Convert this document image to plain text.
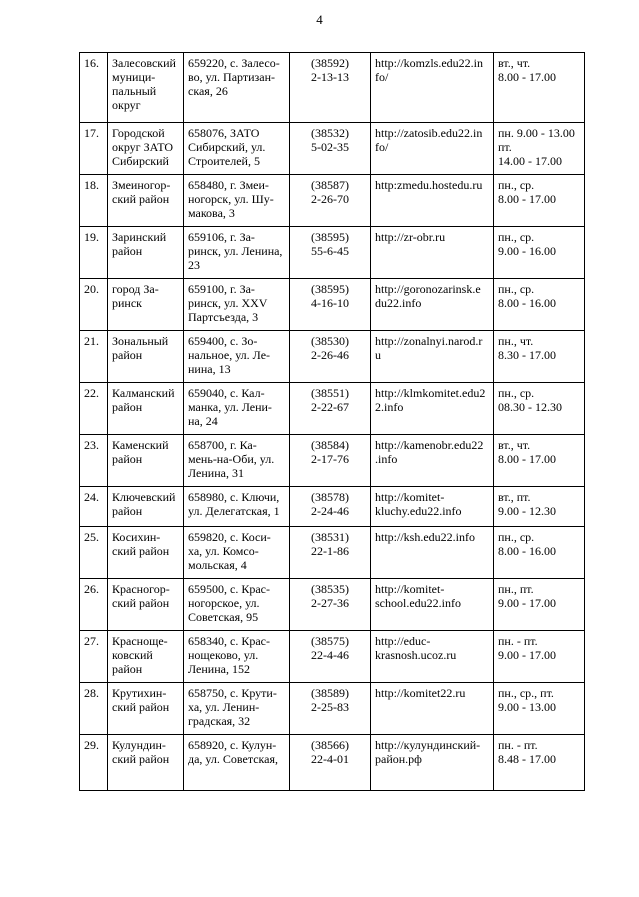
4
16.	Залесовский
муници-
пальный
округ	659220, с. Залесо-
во, ул. Партизан-
ская, 26	(38592)
2-13-13	http://komzls.edu22.in
fo/	вт., чт.
8.00 - 17.00

17.	Городской
округ ЗАТО
Сибирский	658076, ЗАТО
Сибирский, ул.
Строителей, 5	(38532)
5-02-35	http://zatosib.edu22.in
fo/	пн. 9.00 - 13.00
пт.
14.00 - 17.00

18.	Змеиногор-
ский район	658480, г. Змеи-
ногорск, ул. Шу-
макова, 3	(38587)
2-26-70	http:zmedu.hostedu.ru	пн., ср.
8.00 - 17.00

19.	Заринский
район	659106, г. За-
ринск, ул. Ленина, 23	(38595)
55-6-45	http://zr-obr.ru	пн., ср.
9.00 - 16.00

20.	город За-
ринск	659100, г. За-
ринск, ул. XXV
Партсъезда, 3	(38595)
4-16-10	http://goronozarinsk.e
du22.info	пн., ср.
8.00 - 16.00

21.	Зональный
район	659400, с. Зо-
нальное, ул. Ле-
нина, 13	(38530)
2-26-46	http://zonalnyi.narod.r
u	пн., чт.
8.30 - 17.00

22.	Калманский
район	659040, с. Кал-
манка, ул. Лени-
на, 24	(38551)
2-22-67	http://klmkomitet.edu2
2.info	пн., ср.
08.30 - 12.30

23.	Каменский
район	658700, г. Ка-
мень-на-Оби, ул.
Ленина, 31	(38584)
2-17-76	http://kamenobr.edu22
.info	вт., чт.
8.00 - 17.00

24.	Ключевский
район	658980, с. Ключи,
ул. Делегатская, 1	(38578)
2-24-46	http://komitet-
kluchy.edu22.info	вт., пт.
9.00 - 12.30

25.	Косихин-
ский район	659820, с. Коси-
ха, ул. Комсо-
мольская, 4	(38531)
22-1-86	http://ksh.edu22.info	пн., ср.
8.00 - 16.00

26.	Красногор-
ский район	659500, с. Крас-
ногорское, ул.
Советская, 95	(38535)
2-27-36	http://komitet-
school.edu22.info	пн., пт.
9.00 - 17.00

27.	Краснощe-
ковский
район	658340, с. Крас-
нощеково, ул.
Ленина, 152	(38575)
22-4-46	http://educ-
krasnosh.ucoz.ru	пн. - пт.
9.00 - 17.00

28.	Крутихин-
ский район	658750, с. Крути-
ха, ул. Ленин-
градская, 32	(38589)
2-25-83	http://komitet22.ru	пн., ср., пт.
9.00 - 13.00

29.	Кулундин-
ский район	658920, с. Кулун-
да, ул. Советская,	(38566)
22-4-01	http://кулундинский-
район.рф	пн. - пт.
8.48 - 17.00
